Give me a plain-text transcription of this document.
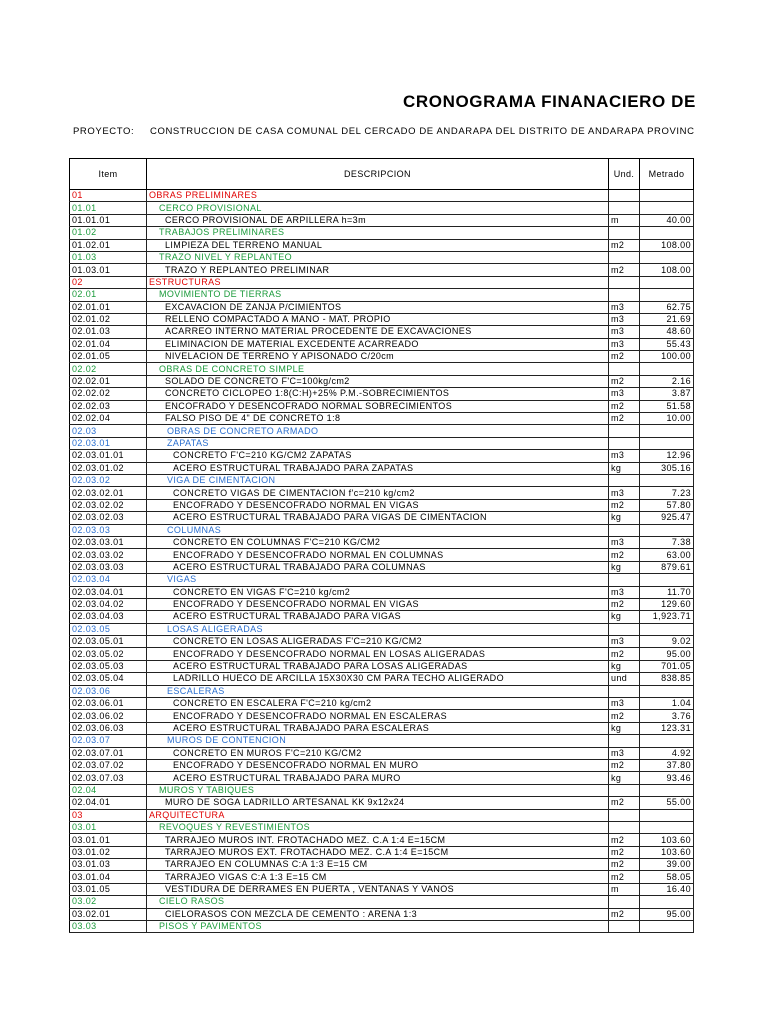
CRONOGRAMA FINANACIERO DE
PROYECTO: CONSTRUCCION DE CASA COMUNAL DEL CERCADO DE ANDARAPA DEL DISTRITO DE ANDARAPA PROVINC
Item	DESCRIPCION	Und.	Metrado
01	OBRAS PRELIMINARES		
01.01	CERCO PROVISIONAL		
01.01.01	CERCO PROVISIONAL DE ARPILLERA h=3m	m	40.00
01.02	TRABAJOS PRELIMINARES		
01.02.01	LIMPIEZA DEL TERRENO MANUAL	m2	108.00
01.03	TRAZO NIVEL Y REPLANTEO		
01.03.01	TRAZO Y REPLANTEO PRELIMINAR	m2	108.00
02	ESTRUCTURAS		
02.01	MOVIMIENTO DE TIERRAS		
02.01.01	EXCAVACION DE ZANJA P/CIMIENTOS	m3	62.75
02.01.02	RELLENO COMPACTADO A MANO - MAT. PROPIO	m3	21.69
02.01.03	ACARREO INTERNO MATERIAL PROCEDENTE DE EXCAVACIONES	m3	48.60
02.01.04	ELIMINACION DE MATERIAL EXCEDENTE ACARREADO	m3	55.43
02.01.05	NIVELACION DE TERRENO Y APISONADO C/20cm	m2	100.00
02.02	OBRAS DE CONCRETO SIMPLE		
02.02.01	SOLADO DE CONCRETO F'C=100kg/cm2	m2	2.16
02.02.02	CONCRETO CICLOPEO 1:8(C:H)+25% P.M.-SOBRECIMIENTOS	m3	3.87
02.02.03	ENCOFRADO Y DESENCOFRADO NORMAL SOBRECIMIENTOS	m2	51.58
02.02.04	FALSO PISO DE 4" DE CONCRETO 1:8	m2	10.00
02.03	OBRAS DE CONCRETO ARMADO		
02.03.01	ZAPATAS		
02.03.01.01	CONCRETO F'C=210 KG/CM2 ZAPATAS	m3	12.96
02.03.01.02	ACERO ESTRUCTURAL TRABAJADO PARA ZAPATAS	kg	305.16
02.03.02	VIGA DE CIMENTACION		
02.03.02.01	CONCRETO VIGAS DE CIMENTACION f'c=210 kg/cm2	m3	7.23
02.03.02.02	ENCOFRADO Y DESENCOFRADO NORMAL EN VIGAS	m2	57.80
02.03.02.03	ACERO ESTRUCTURAL TRABAJADO PARA VIGAS DE CIMENTACION	kg	925.47
02.03.03	COLUMNAS		
02.03.03.01	CONCRETO EN COLUMNAS F'C=210 KG/CM2	m3	7.38
02.03.03.02	ENCOFRADO Y DESENCOFRADO NORMAL EN COLUMNAS	m2	63.00
02.03.03.03	ACERO ESTRUCTURAL TRABAJADO PARA COLUMNAS	kg	879.61
02.03.04	VIGAS		
02.03.04.01	CONCRETO EN VIGAS F'C=210 kg/cm2	m3	11.70
02.03.04.02	ENCOFRADO Y DESENCOFRADO NORMAL EN VIGAS	m2	129.60
02.03.04.03	ACERO ESTRUCTURAL TRABAJADO PARA VIGAS	kg	1,923.71
02.03.05	LOSAS ALIGERADAS		
02.03.05.01	CONCRETO EN LOSAS ALIGERADAS F'C=210 KG/CM2	m3	9.02
02.03.05.02	ENCOFRADO Y DESENCOFRADO NORMAL EN LOSAS ALIGERADAS	m2	95.00
02.03.05.03	ACERO ESTRUCTURAL TRABAJADO PARA LOSAS ALIGERADAS	kg	701.05
02.03.05.04	LADRILLO HUECO DE ARCILLA 15X30X30 CM PARA TECHO ALIGERADO	und	838.85
02.03.06	ESCALERAS		
02.03.06.01	CONCRETO EN ESCALERA F'C=210 kg/cm2	m3	1.04
02.03.06.02	ENCOFRADO Y DESENCOFRADO NORMAL EN ESCALERAS	m2	3.76
02.03.06.03	ACERO ESTRUCTURAL TRABAJADO PARA ESCALERAS	kg	123.31
02.03.07	MUROS DE CONTENCION		
02.03.07.01	CONCRETO EN MUROS F'C=210 KG/CM2	m3	4.92
02.03.07.02	ENCOFRADO Y DESENCOFRADO NORMAL EN MURO	m2	37.80
02.03.07.03	ACERO ESTRUCTURAL TRABAJADO PARA MURO	kg	93.46
02.04	MUROS Y TABIQUES		
02.04.01	MURO DE SOGA LADRILLO ARTESANAL KK 9x12x24	m2	55.00
03	ARQUITECTURA		
03.01	REVOQUES Y REVESTIMIENTOS		
03.01.01	TARRAJEO MUROS INT. FROTACHADO MEZ. C.A 1:4 E=15CM	m2	103.60
03.01.02	TARRAJEO MUROS EXT. FROTACHADO MEZ. C.A 1:4 E=15CM	m2	103.60
03.01.03	TARRAJEO EN COLUMNAS C:A 1:3 E=15 CM	m2	39.00
03.01.04	TARRAJEO VIGAS C:A 1:3 E=15 CM	m2	58.05
03.01.05	VESTIDURA DE DERRAMES EN PUERTA , VENTANAS Y VANOS	m	16.40
03.02	CIELO RASOS		
03.02.01	CIELORASOS CON MEZCLA DE CEMENTO : ARENA 1:3	m2	95.00
03.03	PISOS Y PAVIMENTOS		
